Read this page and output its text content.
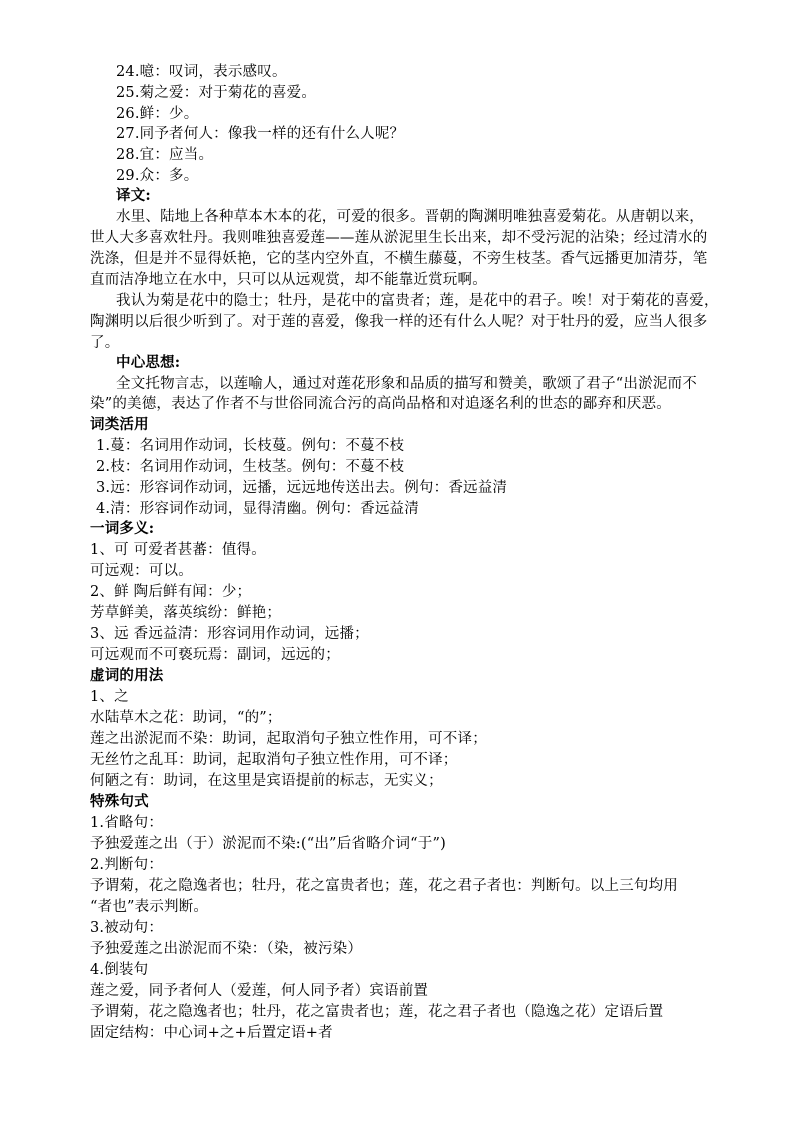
24.噫：叹词，表示感叹。
25.菊之爱：对于菊花的喜爱。
26.鲜：少。
27.同予者何人：像我一样的还有什么人呢？
28.宜：应当。
29.众：多。
译文:
水里、陆地上各种草本木本的花，可爱的很多。晋朝的陶渊明唯独喜爱菊花。从唐朝以来，
世人大多喜欢牡丹。我则唯独喜爱莲——莲从淤泥里生长出来，却不受污泥的沾染；经过清水的
洗涤，但是并不显得妖艳，它的茎内空外直，不横生藤蔓，不旁生枝茎。香气远播更加清芬，笔
直而洁净地立在水中，只可以从远观赏，却不能靠近赏玩啊。
我认为菊是花中的隐士；牡丹，是花中的富贵者；莲，是花中的君子。唉！对于菊花的喜爱，
陶渊明以后很少听到了。对于莲的喜爱，像我一样的还有什么人呢？对于牡丹的爱，应当人很多
了。
中心思想:
全文托物言志，以莲喻人，通过对莲花形象和品质的描写和赞美，歌颂了君子“出淤泥而不
染”的美德，表达了作者不与世俗同流合污的高尚品格和对追逐名利的世态的鄙弃和厌恶。
词类活用
1.蔓：名词用作动词，长枝蔓。例句：不蔓不枝
2.枝：名词用作动词，生枝茎。例句：不蔓不枝
3.远：形容词作动词，远播，远远地传送出去。例句：香远益清
4.清：形容词作动词，显得清幽。例句：香远益清
一词多义:
1、可 可爱者甚蕃：值得。
可远观：可以。
2、鲜 陶后鲜有闻：少；
芳草鲜美，落英缤纷：鲜艳；
3、远 香远益清：形容词用作动词，远播；
可远观而不可亵玩焉：副词，远远的；
虚词的用法
1、之
水陆草木之花：助词，“的”；
莲之出淤泥而不染：助词，起取消句子独立性作用，可不译；
无丝竹之乱耳：助词，起取消句子独立性作用，可不译；
何陋之有：助词，在这里是宾语提前的标志，无实义；
特殊句式
1.省略句：
予独爱莲之出（于）淤泥而不染:(“出”后省略介词“于”)
2.判断句：
予谓菊，花之隐逸者也；牡丹，花之富贵者也；莲，花之君子者也：判断句。以上三句均用
“者也”表示判断。
3.被动句：
予独爱莲之出淤泥而不染：（染，被污染）
4.倒装句
莲之爱，同予者何人（爱莲，何人同予者）宾语前置
予谓菊，花之隐逸者也；牡丹，花之富贵者也；莲，花之君子者也（隐逸之花）定语后置
固定结构：中心词+之+后置定语+者
